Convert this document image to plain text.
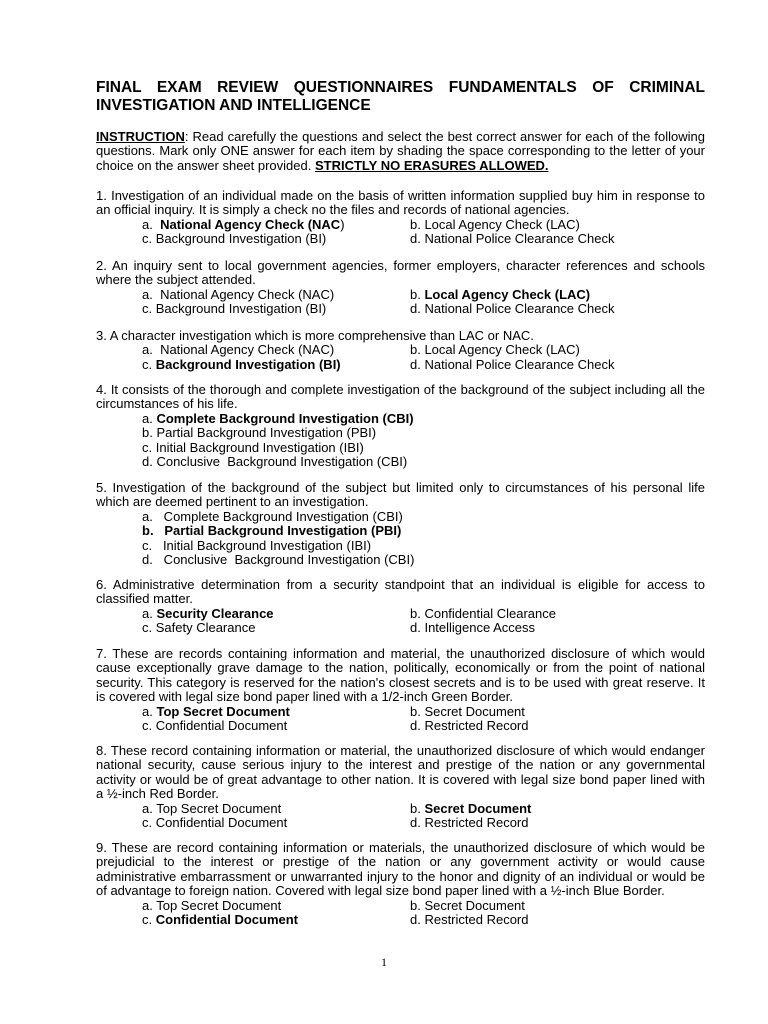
FINAL EXAM REVIEW QUESTIONNAIRES FUNDAMENTALS OF CRIMINAL INVESTIGATION AND INTELLIGENCE
INSTRUCTION: Read carefully the questions and select the best correct answer for each of the following questions. Mark only ONE answer for each item by shading the space corresponding to the letter of your choice on the answer sheet provided. STRICTLY NO ERASURES ALLOWED.
1. Investigation of an individual made on the basis of written information supplied buy him in response to an official inquiry. It is simply a check no the files and records of national agencies.
a.  National Agency Check (NAC)	b. Local Agency Check (LAC)
c. Background Investigation (BI)	d. National Police Clearance Check
2. An inquiry sent to local government agencies, former employers, character references and schools where the subject attended.
a.  National Agency Check (NAC)	b. Local Agency Check (LAC)
c. Background Investigation (BI)	d. National Police Clearance Check
3. A character investigation which is more comprehensive than LAC or NAC.
a.  National Agency Check (NAC)	b. Local Agency Check (LAC)
c. Background Investigation (BI)	d. National Police Clearance Check
4. It consists of the thorough and complete investigation of the background of the subject including all the circumstances of his life.
a. Complete Background Investigation (CBI)
b. Partial Background Investigation (PBI)
c. Initial Background Investigation (IBI)
d. Conclusive  Background Investigation (CBI)
5. Investigation of the background of the subject but limited only to circumstances of his personal life which are deemed pertinent to an investigation.
a.   Complete Background Investigation (CBI)
b.   Partial Background Investigation (PBI)
c.   Initial Background Investigation (IBI)
d.   Conclusive  Background Investigation (CBI)
6. Administrative determination from a security standpoint that an individual is eligible for access to classified matter.
a. Security Clearance	b. Confidential Clearance
c. Safety Clearance	d. Intelligence Access
7. These are records containing information and material, the unauthorized disclosure of which would cause exceptionally grave damage to the nation, politically, economically or from the point of national security. This category is reserved for the nation's closest secrets and is to be used with great reserve. It is covered with legal size bond paper lined with a 1/2-inch Green Border.
a. Top Secret Document	b. Secret Document
c. Confidential Document	d. Restricted Record
8. These record containing information or material, the unauthorized disclosure of which would endanger national security, cause serious injury to the interest and prestige of the nation or any governmental activity or would be of great advantage to other nation. It is covered with legal size bond paper lined with a ½-inch Red Border.
a. Top Secret Document	b. Secret Document
c. Confidential Document	d. Restricted Record
9. These are record containing information or materials, the unauthorized disclosure of which would be prejudicial to the interest or prestige of the nation or any government activity or would cause administrative embarrassment or unwarranted injury to the honor and dignity of an individual or would be of advantage to foreign nation. Covered with legal size bond paper lined with a ½-inch Blue Border.
a. Top Secret Document	b. Secret Document
c. Confidential Document	d. Restricted Record
1
